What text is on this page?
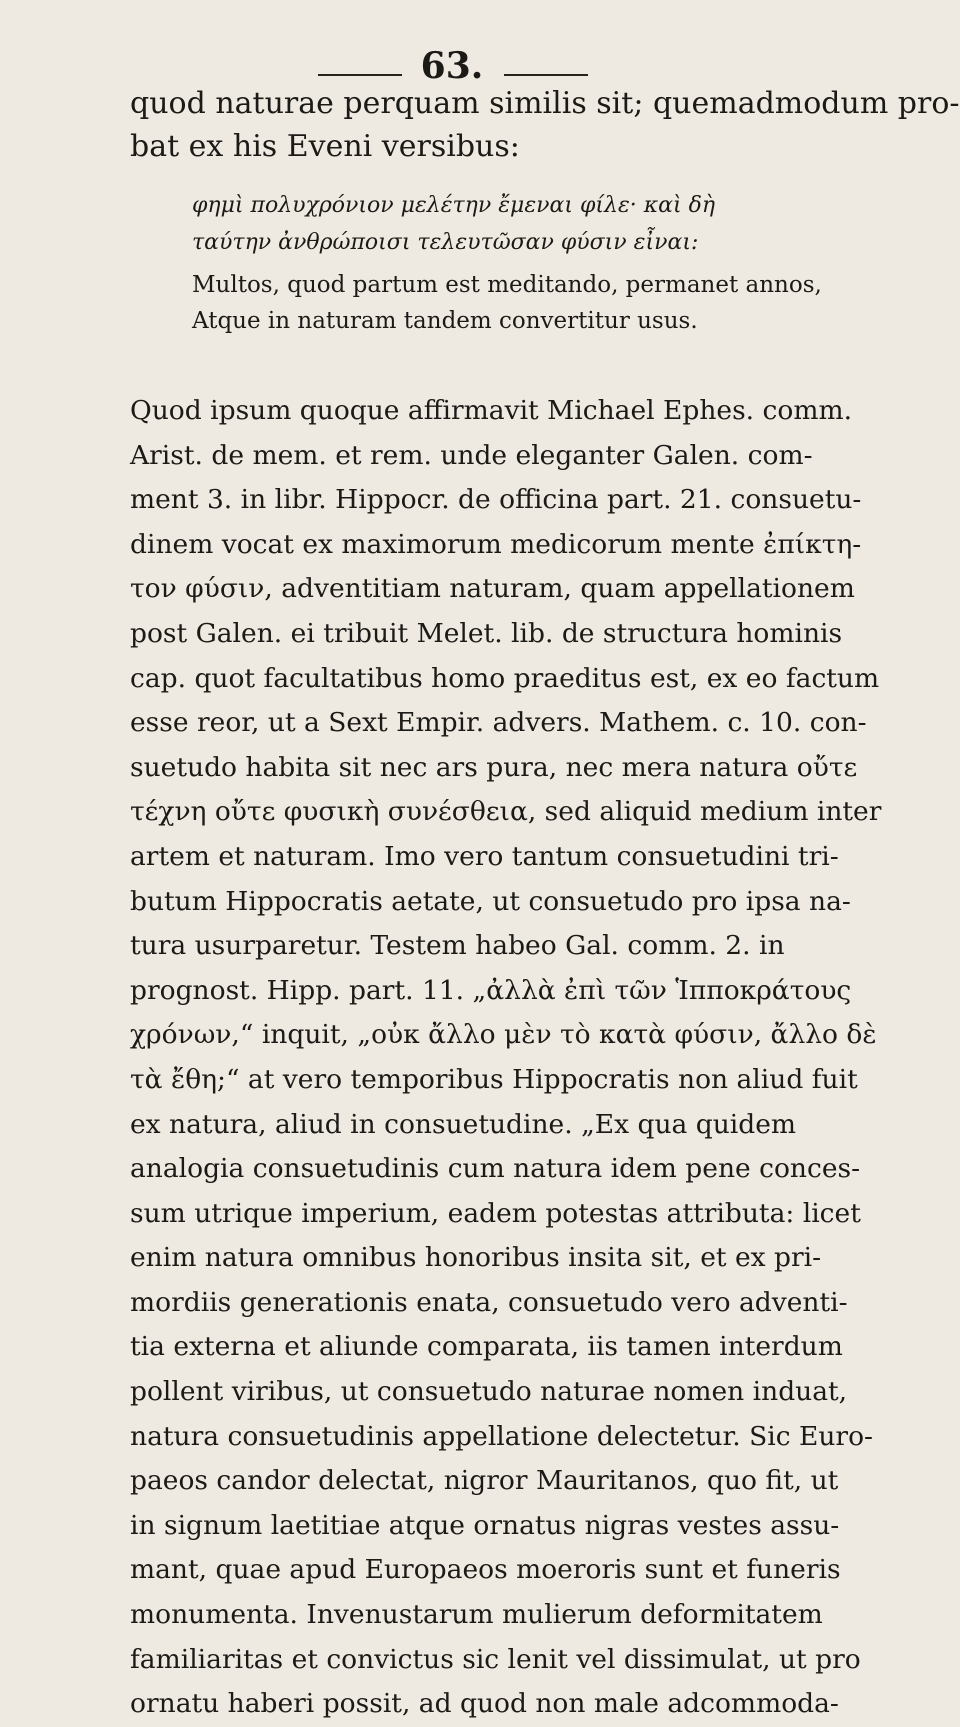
63.
quod naturae perquam similis sit; quemadmodum pro-
bat ex his Eveni versibus:
φημὶ πολυχρόνιον μελέτην ἔμεναι φίλε· καὶ δὴ
ταύτην ἀνθρώποισι τελευτῶσαν φύσιν εἶναι:
Multos, quod partum est meditando, permanet annos,
Atque in naturam tandem convertitur usus.
Quod ipsum quoque affirmavit Michael Ephes. comm.
Arist. de mem. et rem. unde eleganter Galen. com-
ment 3. in libr. Hippocr. de officina part. 21. consuetu-
dinem vocat ex maximorum medicorum mente ἐπίκτη-
τον φύσιν, adventitiam naturam, quam appellationem
post Galen. ei tribuit Melet. lib. de structura hominis
cap. quot facultatibus homo praeditus est, ex eo factum
esse reor, ut a Sext Empir. advers. Mathem. c. 10. con-
suetudo habita sit nec ars pura, nec mera natura οὔτε
τέχνη οὔτε φυσικὴ συνέσθεια, sed aliquid medium inter
artem et naturam. Imo vero tantum consuetudini tri-
butum Hippocratis aetate, ut consuetudo pro ipsa na-
tura usurparetur. Testem habeo Gal. comm. 2. in
prognost. Hipp. part. 11. „ἀλλὰ ἐπὶ τῶν Ἱπποκράτους
χρόνων,“ inquit, „οὐκ ἄλλο μὲν τὸ κατὰ φύσιν, ἄλλο δὲ
τὰ ἔθη;“ at vero temporibus Hippocratis non aliud fuit
ex natura, aliud in consuetudine. „Ex qua quidem
analogia consuetudinis cum natura idem pene conces-
sum utrique imperium, eadem potestas attributa: licet
enim natura omnibus honoribus insita sit, et ex pri-
mordiis generationis enata, consuetudo vero adventi-
tia externa et aliunde comparata, iis tamen interdum
pollent viribus, ut consuetudo naturae nomen induat,
natura consuetudinis appellatione delectetur. Sic Euro-
paeos candor delectat, nigror Mauritanos, quo fit, ut
in signum laetitiae atque ornatus nigras vestes assu-
mant, quae apud Europaeos moeroris sunt et funeris
monumenta. Invenustarum mulierum deformitatem
familiaritas et convictus sic lenit vel dissimulat, ut pro
ornatu haberi possit, ad quod non male adcommoda-
